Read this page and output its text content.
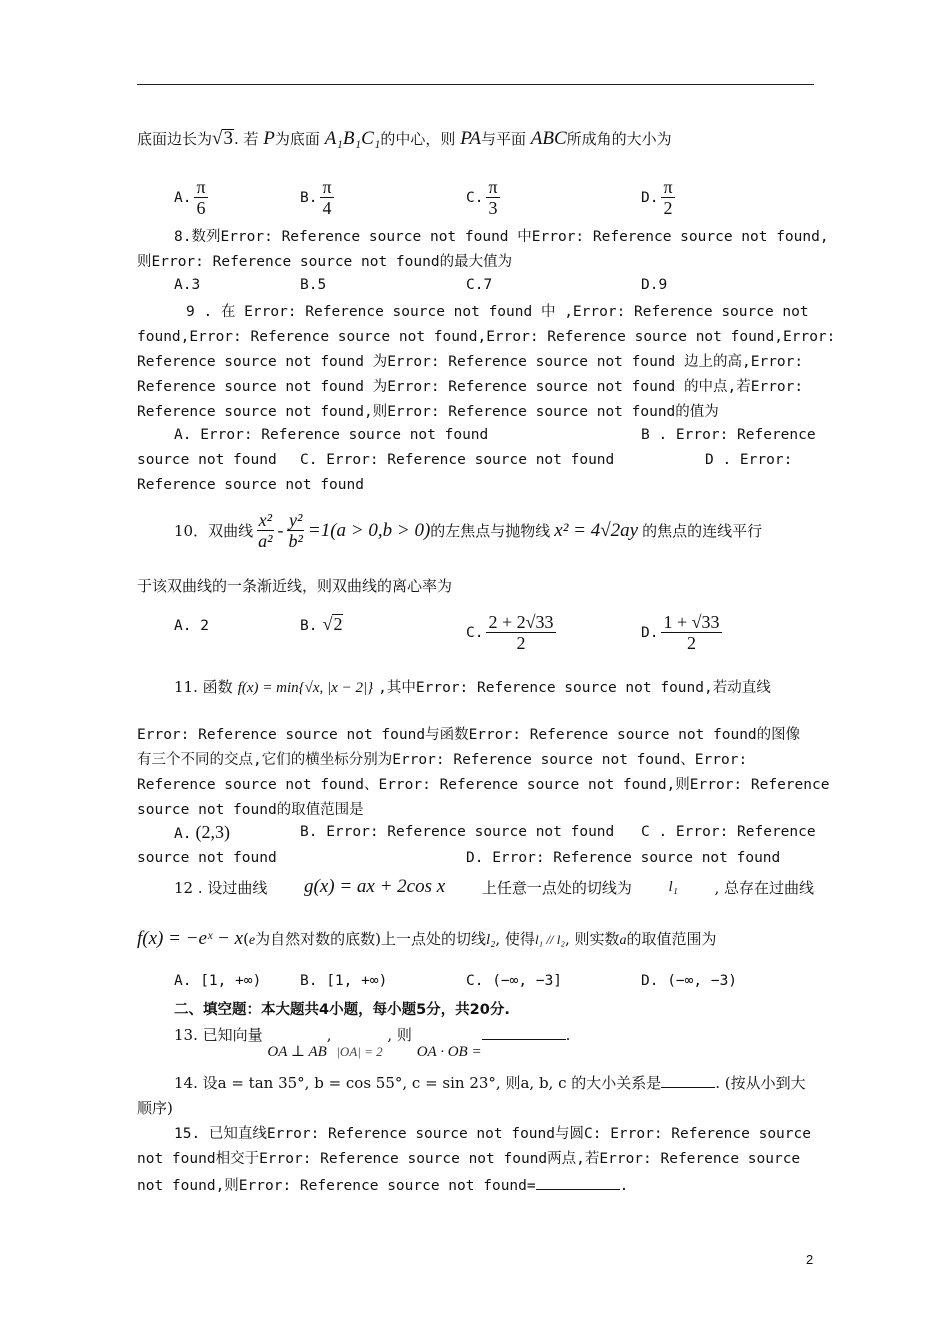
底面边长为√3. 若 P为底面 A₁B₁C₁的中心，则 PA与平面 ABC所成角的大小为
A. $\frac{\pi}{6}$	B. $\frac{\pi}{4}$	C. $\frac{\pi}{3}$	D. $\frac{\pi}{2}$
8.数列Error: Reference source not found 中Error: Reference source not found,
则Error: Reference source not found的最大值为
A.3	B.5	C.7	D.9
9 . 在 Error: Reference source not found 中 ,Error: Reference source not
found,Error: Reference source not found,Error: Reference source not found,Error:
Reference source not found 为Error: Reference source not found 边上的高,Error:
Reference source not found 为Error: Reference source not found 的中点,若Error:
Reference source not found,则Error: Reference source not found的值为
A. Error: Reference source not found	B . Error: Reference
source not found C. Error: Reference source not found	D . Error:
Reference source not found
10．双曲线 $\frac{\text{x²}}{\text{a²}} - \frac{\text{y²}}{\text{b²}} =1(a > 0,b > 0)$ 的左焦点与抛物线 x² = 4√2ay 的焦点的连线平行
于该双曲线的一条渐近线，则双曲线的离心率为
A. 2	B. √2	C. $\frac{2 + 2√33}{2}$	D. $\frac{1 + √33}{2}$
11. 函数 f(x) = min{√x, |x − 2|} ,其中Error: Reference source not found,若动直线
Error: Reference source not found与函数Error: Reference source not found的图像
有三个不同的交点,它们的横坐标分别为Error: Reference source not found、Error:
Reference source not found、Error: Reference source not found,则Error: Reference
source not found的取值范围是
A. (2,3)	B. Error: Reference source not found C . Error: Reference
source not found	D. Error: Reference source not found
12 . 设过曲线 g(x) = ax + 2cos x 上任意一点处的切线为 l₁ , 总存在过曲线
f(x) = −eˣ − x(e为自然对数的底数)上一点处的切线l₂, 使得l₁ // l₂, 则实数a的取值范围为
A. [1, +∞)	B. [1, +∞)	C. (−∞, −3]	D. (−∞, −3)
二、填空题：本大题共4小题，每小题5分，共20分.
13. 已知向量 OA ⊥ AB, |OA| = 2 , 则 OA · OB =.
14. 设a = tan 35°, b = cos 55°, c = sin 23°, 则a, b, c 的大小关系是	. (按从小到大
顺序)
15. 已知直线Error: Reference source not found与圆C: Error: Reference source
not found相交于Error: Reference source not found两点,若Error: Reference source
not found,则Error: Reference source not found=	.
2
